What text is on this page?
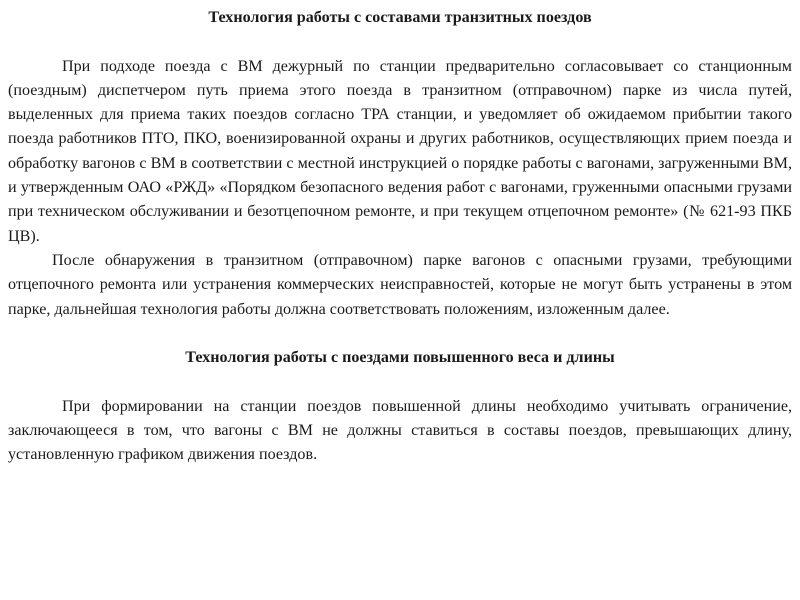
Технология работы с составами транзитных поездов

При подходе поезда с ВМ дежурный по станции предварительно согласовывает со станционным (поездным) диспетчером путь приема этого поезда в транзитном (отправочном) парке из числа путей, выделенных для приема таких поездов согласно ТРА станции, и уведомляет об ожидаемом прибытии такого поезда работников ПТО, ПКО, военизированной охраны и других работников, осуществляющих прием поезда и обработку вагонов с ВМ в соответствии с местной инструкцией о порядке работы с вагонами, загруженными ВМ, и утвержденным ОАО «РЖД» «Порядком безопасного ведения работ с вагонами, груженными опасными грузами при техническом обслуживании и безотцепочном ремонте, и при текущем отцепочном ремонте» (№ 621-93 ПКБ ЦВ).

После обнаружения в транзитном (отправочном) парке вагонов с опасными грузами, требующими отцепочного ремонта или устранения коммерческих неисправностей, которые не могут быть устранены в этом парке, дальнейшая технология работы должна соответствовать положениям, изложенным далее.

Технология работы с поездами повышенного веса и длины

При формировании на станции поездов повышенной длины необходимо учитывать ограничение, заключающееся в том, что вагоны с ВМ не должны ставиться в составы поездов, превышающих длину, установленную графиком движения поездов.
